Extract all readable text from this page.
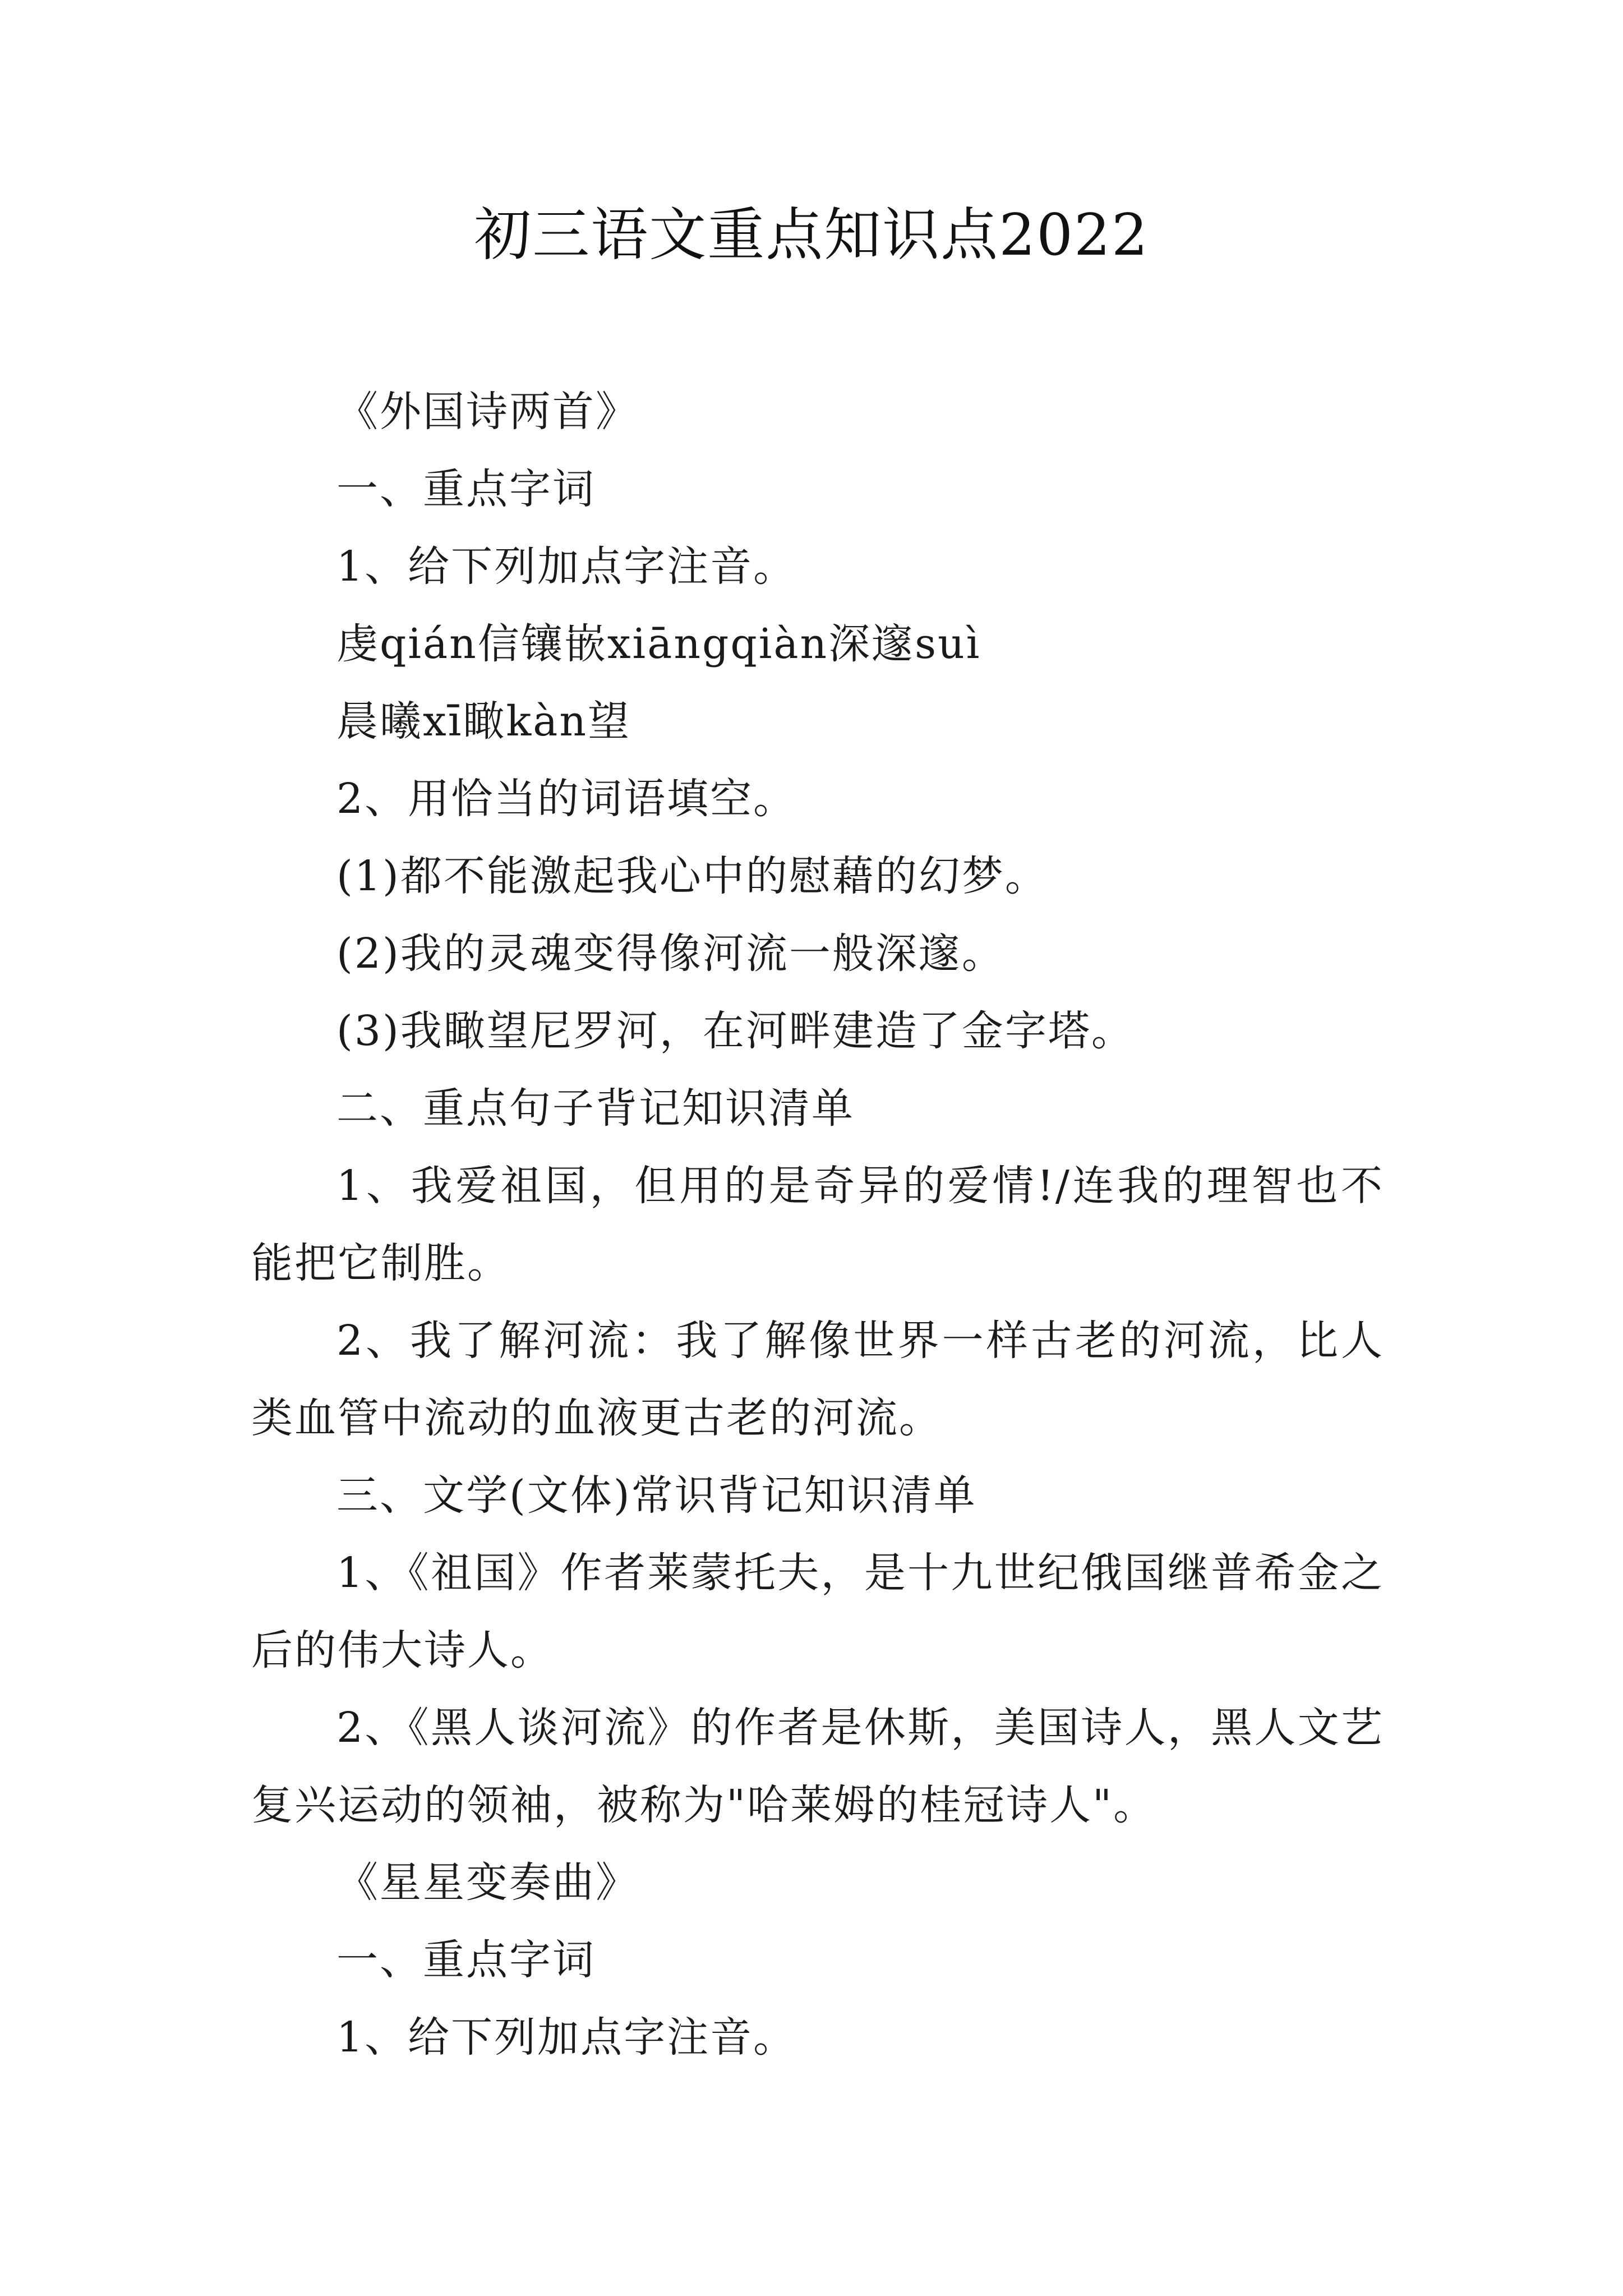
初三语文重点知识点2022

《外国诗两首》

一、重点字词

1、给下列加点字注音。

虔qián信镶嵌xiāngqiàn深邃suì

晨曦xī瞰kàn望

2、用恰当的词语填空。

(1)都不能激起我心中的慰藉的幻梦。

(2)我的灵魂变得像河流一般深邃。

(3)我瞰望尼罗河，在河畔建造了金字塔。

二、重点句子背记知识清单

1、我爱祖国，但用的是奇异的爱情!/连我的理智也不能把它制胜。

2、我了解河流：我了解像世界一样古老的河流，比人类血管中流动的血液更古老的河流。

三、文学(文体)常识背记知识清单

1、《祖国》作者莱蒙托夫，是十九世纪俄国继普希金之后的伟大诗人。

2、《黑人谈河流》的作者是休斯，美国诗人，黑人文艺复兴运动的领袖，被称为"哈莱姆的桂冠诗人"。

《星星变奏曲》

一、重点字词

1、给下列加点字注音。
